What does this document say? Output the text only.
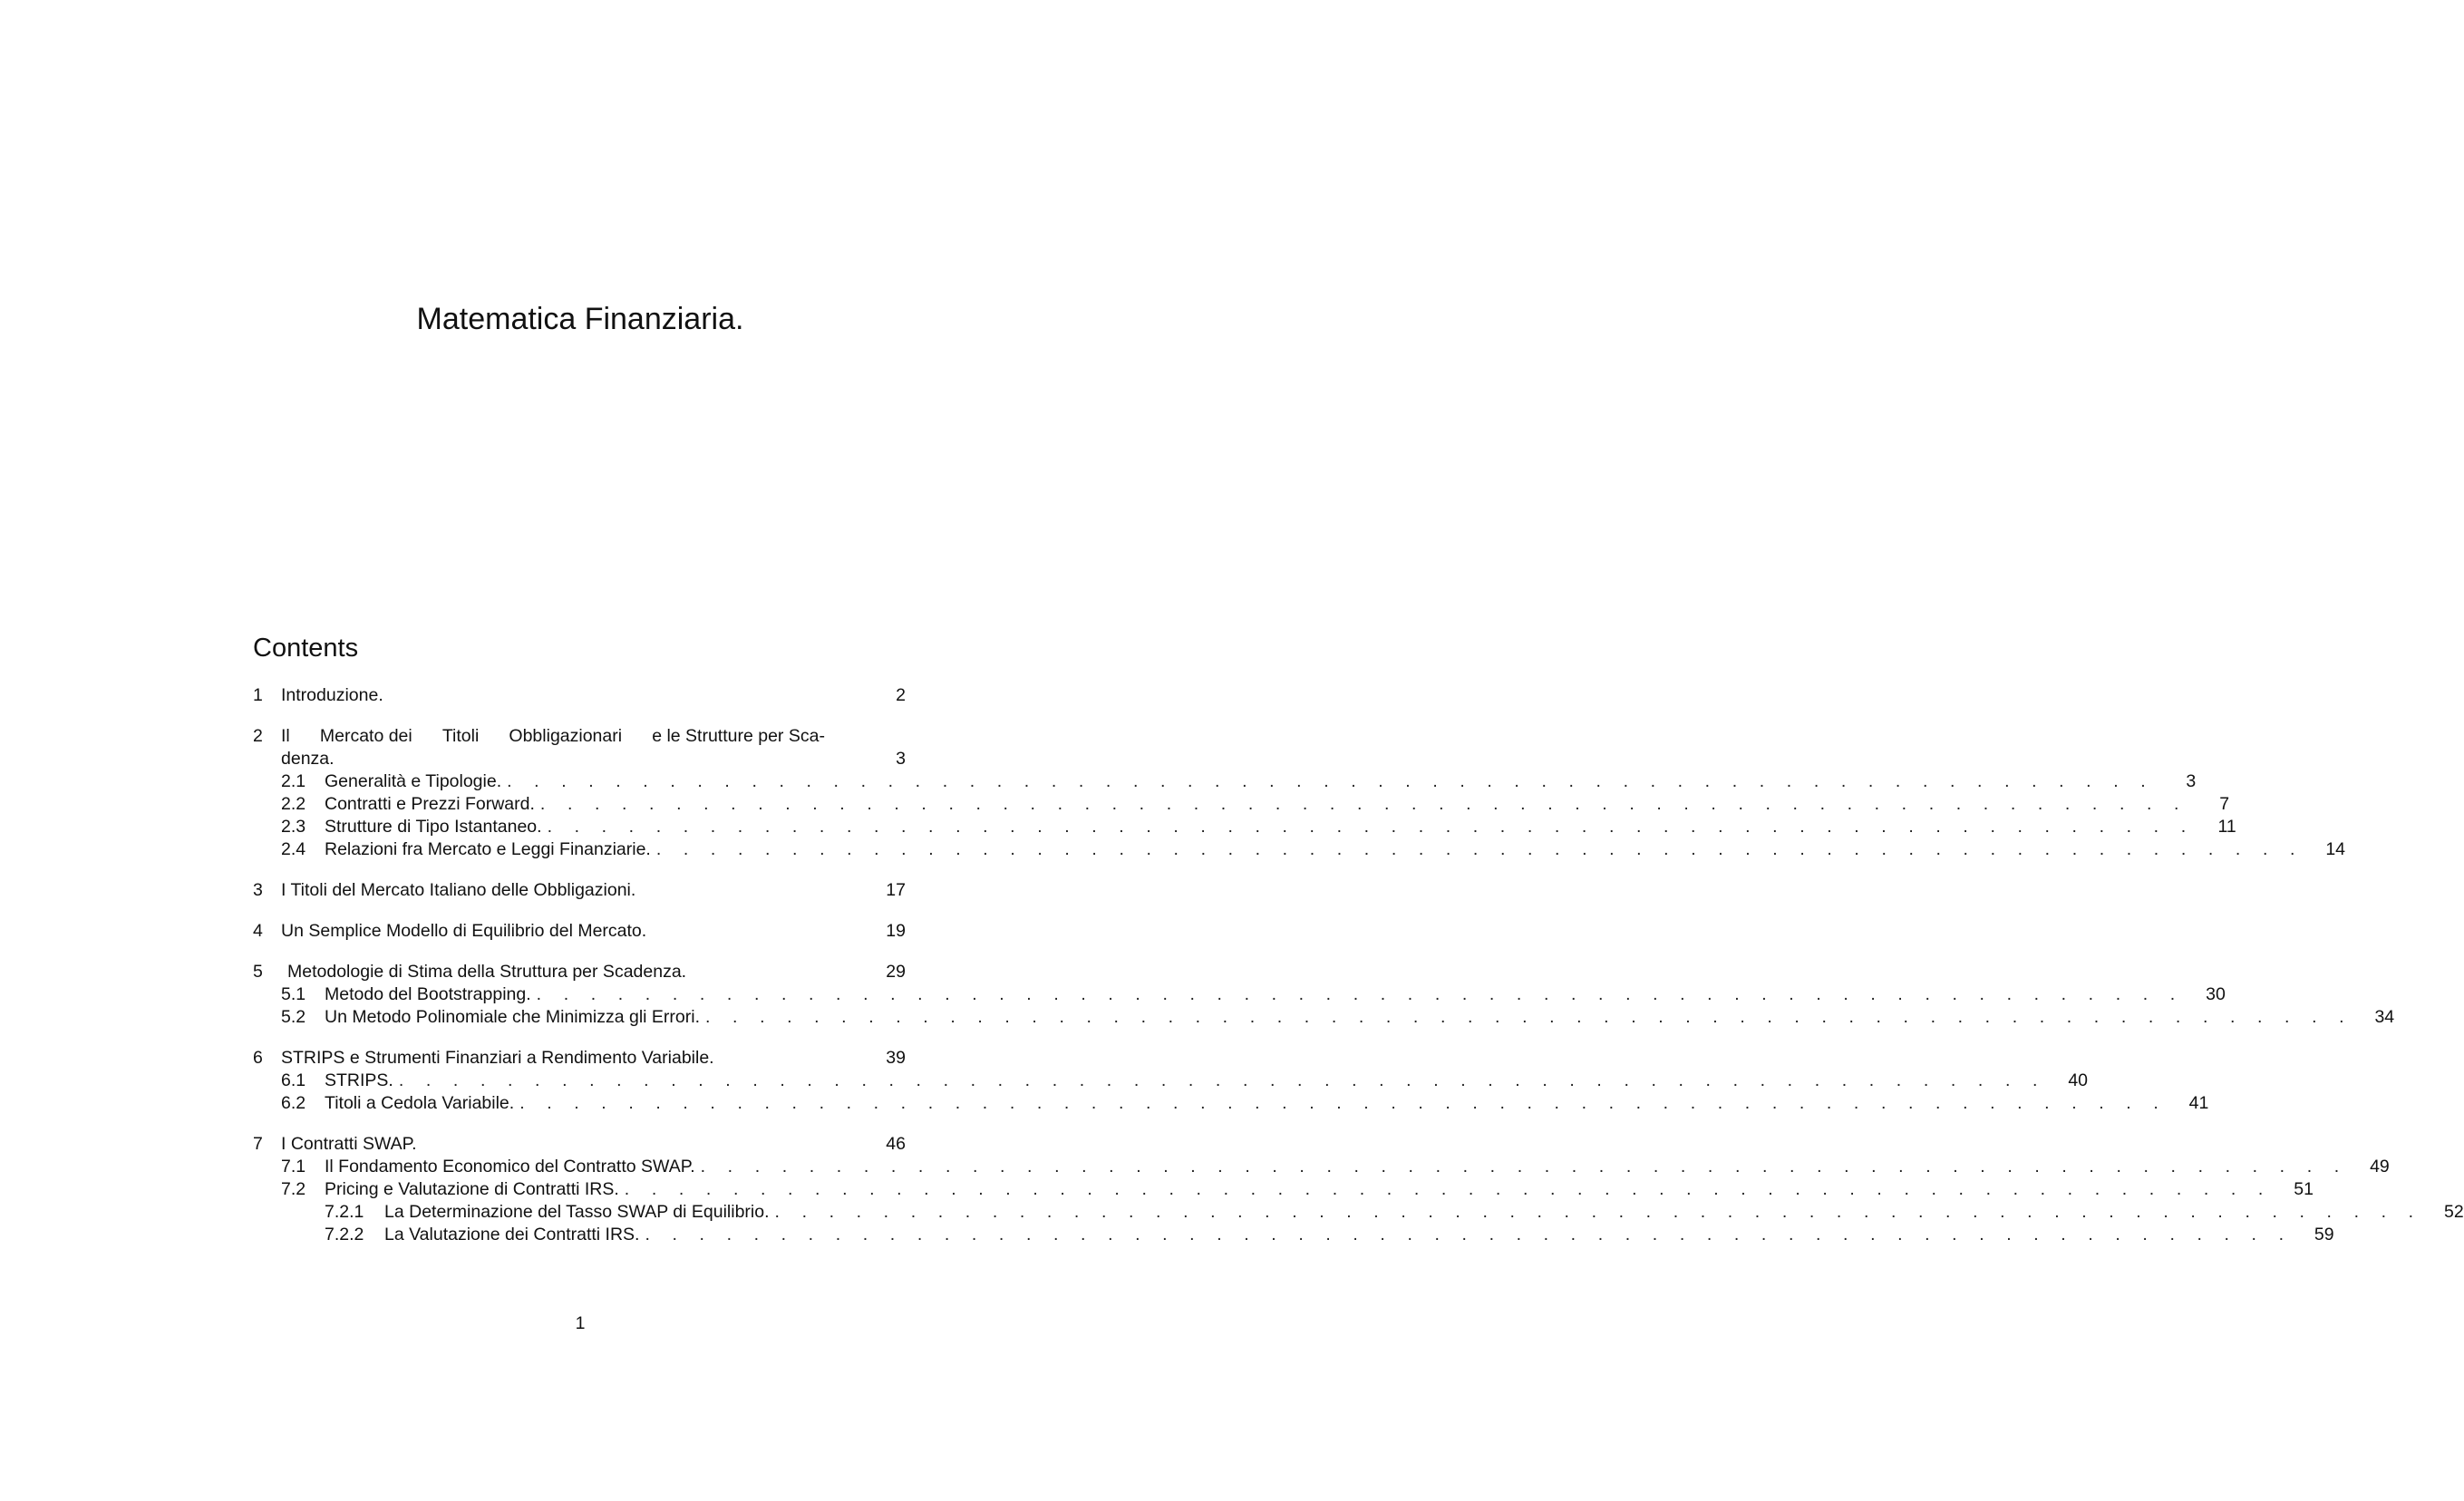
Matematica Finanziaria.
Contents
1	Introduzione.	2
2	Il Mercato dei Titoli Obbligazionari e le Strutture per Sca-
denza.	3
2.1	Generalità e Tipologie. . . . . . . . . . . . . . . . . . . . . . . . . . . . . . . . . . . . . . . . . . . . . . . . . . . . . . . . . . . . . .	3
2.2	Contratti e Prezzi Forward. . . . . . . . . . . . . . . . . . . . . . . . . . . . . . . . . . . . . . . . . . . . . . . . . . . . . . . . . . . . . .	7
2.3	Strutture di Tipo Istantaneo. . . . . . . . . . . . . . . . . . . . . . . . . . . . . . . . . . . . . . . . . . . . . . . . . . . . . . . . . . . . . .	11
2.4	Relazioni fra Mercato e Leggi Finanziarie. . . . . . . . . . . . . . . . . . . . . . . . . . . . . . . . . . . . . . . . . . . . . . . . . . . . . . . . . . . . . .	14
3	I Titoli del Mercato Italiano delle Obbligazioni.	17
4	Un Semplice Modello di Equilibrio del Mercato.	19
5	Metodologie di Stima della Struttura per Scadenza.	29
5.1	Metodo del Bootstrapping. . . . . . . . . . . . . . . . . . . . . . . . . . . . . . . . . . . . . . . . . . . . . . . . . . . . . . . . . . . . . .	30
5.2	Un Metodo Polinomiale che Minimizza gli Errori. . . . . . . . . . . . . . . . . . . . . . . . . . . . . . . . . . . . . . . . . . . . . . . . . . . . . . . . . . . . . .	34
6	STRIPS e Strumenti Finanziari a Rendimento Variabile.	39
6.1	STRIPS. . . . . . . . . . . . . . . . . . . . . . . . . . . . . . . . . . . . . . . . . . . . . . . . . . . . . . . . . . . . . .	40
6.2	Titoli a Cedola Variabile. . . . . . . . . . . . . . . . . . . . . . . . . . . . . . . . . . . . . . . . . . . . . . . . . . . . . . . . . . . . . .	41
7	I Contratti SWAP.	46
7.1	Il Fondamento Economico del Contratto SWAP. . . . . . . . . . . . . . . . . . . . . . . . . . . . . . . . . . . . . . . . . . . . . . . . . . . . . . . . . . . . . .	49
7.2	Pricing e Valutazione di Contratti IRS. . . . . . . . . . . . . . . . . . . . . . . . . . . . . . . . . . . . . . . . . . . . . . . . . . . . . . . . . . . . . .	51
7.2.1	La Determinazione del Tasso SWAP di Equilibrio. . . . . . . . . . . . . . . . . . . . . . . . . . . . . . . . . . . . . . . . . . . . . . . . . . . . . . . . . . . . . .	52
7.2.2	La Valutazione dei Contratti IRS. . . . . . . . . . . . . . . . . . . . . . . . . . . . . . . . . . . . . . . . . . . . . . . . . . . . . . . . . . . . . .	59
1
